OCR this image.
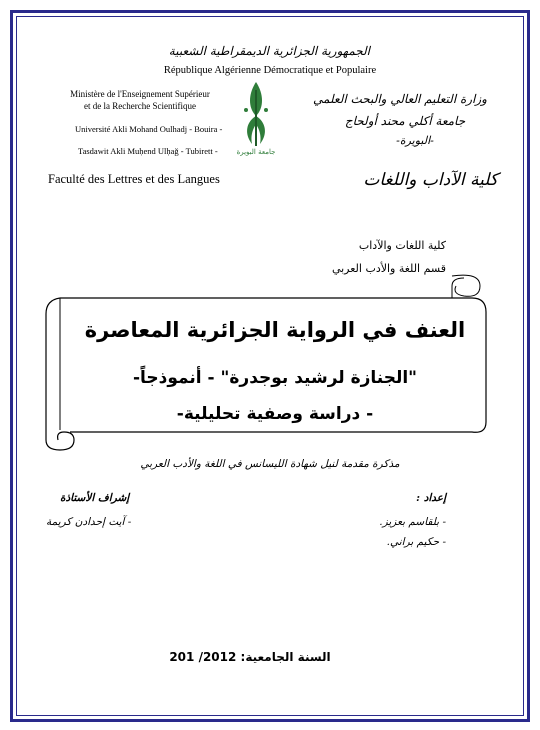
الجمهورية الجزائرية الديمقراطية الشعبية
République Algérienne Démocratique et Populaire
Ministère de l'Enseignement Supérieur
et de la Recherche Scientifique
Université Akli Mohand Oulhadj - Bouira -
Tasdawit Akli Muḥend Ulḥağ - Tubirett -
Faculté des Lettres et des Langues
وزارة التعليم العالي والبحث العلمي
جامعة أكلي محند أولحاج
-البويرة-
كلية الآداب واللغات
جامعة البويرة
كلية اللغات والآداب
قسم اللغة والأدب العربي
العنف في الرواية الجزائرية المعاصرة
"الجنازة لرشيد بوجدرة" - أنموذجاً-
- دراسة وصفية تحليلية-
مذكرة مقدمة لنيل شهادة الليسانس في اللغة والأدب العربي
إعداد :
- بلقاسم بعزيز.
- حكيم براني.
إشراف الأستاذة
- آيت إحدادن كريمة
السنة الجامعية: 2012/ 201
